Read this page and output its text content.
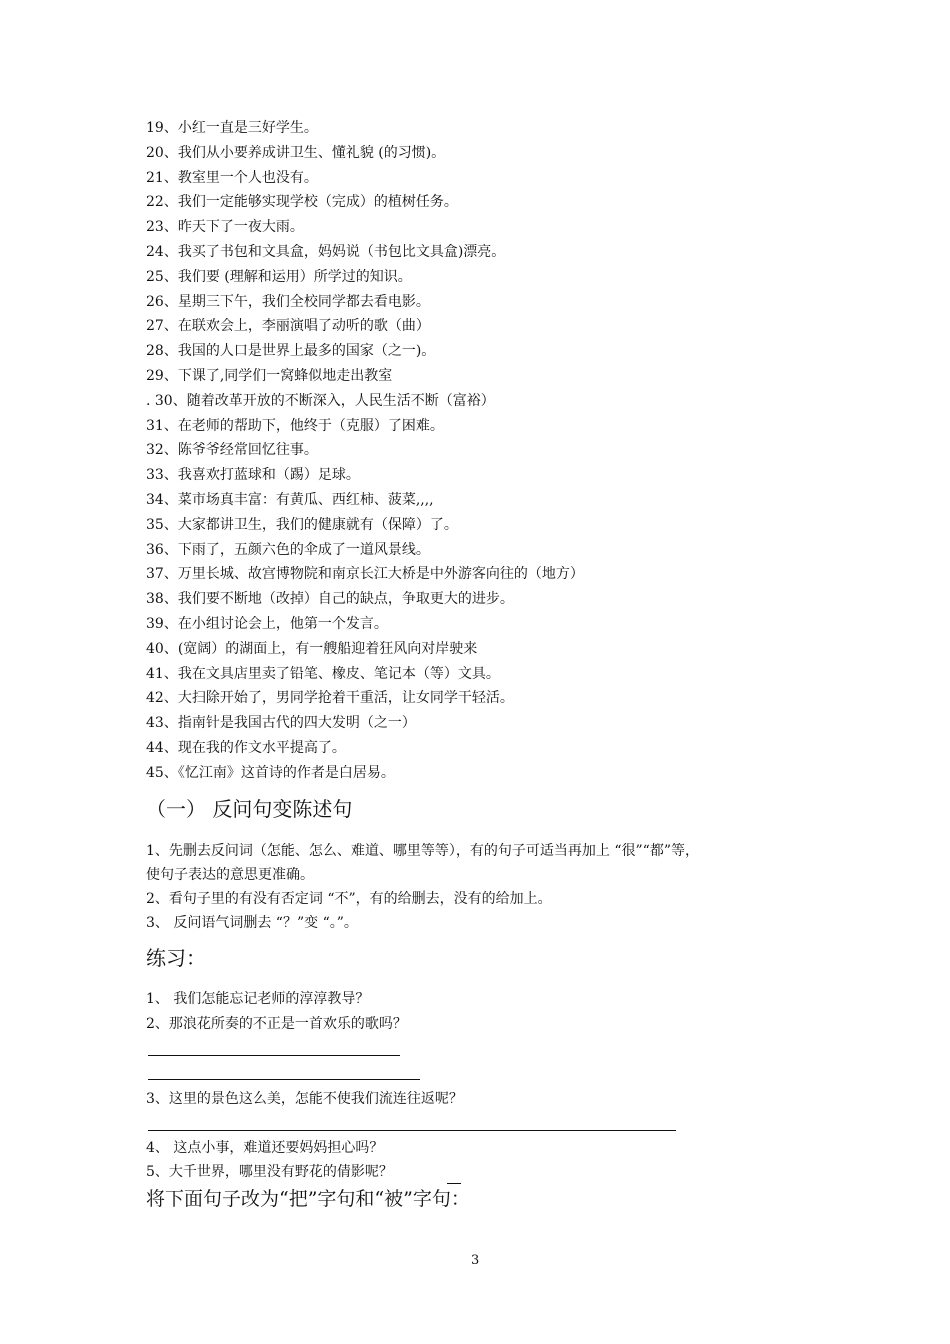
19、小红一直是三好学生。
20、我们从小要养成讲卫生、懂礼貌 (的习惯)。
21、教室里一个人也没有。
22、我们一定能够实现学校（完成）的植树任务。
23、昨天下了一夜大雨。
24、我买了书包和文具盒，妈妈说（书包比文具盒)漂亮。
25、我们要 (理解和运用）所学过的知识。
26、星期三下午，我们全校同学都去看电影。
27、在联欢会上，李丽演唱了动听的歌（曲）
28、我国的人口是世界上最多的国家（之一)。
29、下课了,同学们一窝蜂似地走出教室
. 30、随着改革开放的不断深入，人民生活不断（富裕）
31、在老师的帮助下，他终于（克服）了困难。
32、陈爷爷经常回忆往事。
33、我喜欢打蓝球和（踢）足球。
34、菜市场真丰富：有黄瓜、西红柿、菠菜,,,,
35、大家都讲卫生，我们的健康就有（保障）了。
36、下雨了，五颜六色的伞成了一道风景线。
37、万里长城、故宫博物院和南京长江大桥是中外游客向往的（地方）
38、我们要不断地（改掉）自己的缺点，争取更大的进步。
39、在小组讨论会上，他第一个发言。
40、(宽阔）的湖面上，有一艘船迎着狂风向对岸驶来
41、我在文具店里卖了铅笔、橡皮、笔记本（等）文具。
42、大扫除开始了，男同学抢着干重活，让女同学干轻活。
43、指南针是我国古代的四大发明（之一）
44、现在我的作文水平提高了。
45、《忆江南》这首诗的作者是白居易。
（一） 反问句变陈述句
1、先删去反问词（怎能、怎么、难道、哪里等等），有的句子可适当再加上 “很”“都”等，
使句子表达的意思更准确。
2、看句子里的有没有否定词 “不”，有的给删去，没有的给加上。
3、 反问语气词删去 “？”变 “。”。
练习：
1、 我们怎能忘记老师的淳淳教导？
2、那浪花所奏的不正是一首欢乐的歌吗？
3、这里的景色这么美，怎能不使我们流连往返呢？
4、 这点小事，难道还要妈妈担心吗？
5、大千世界，哪里没有野花的倩影呢？
将下面句子改为“把”字句和“被”字句：
3
